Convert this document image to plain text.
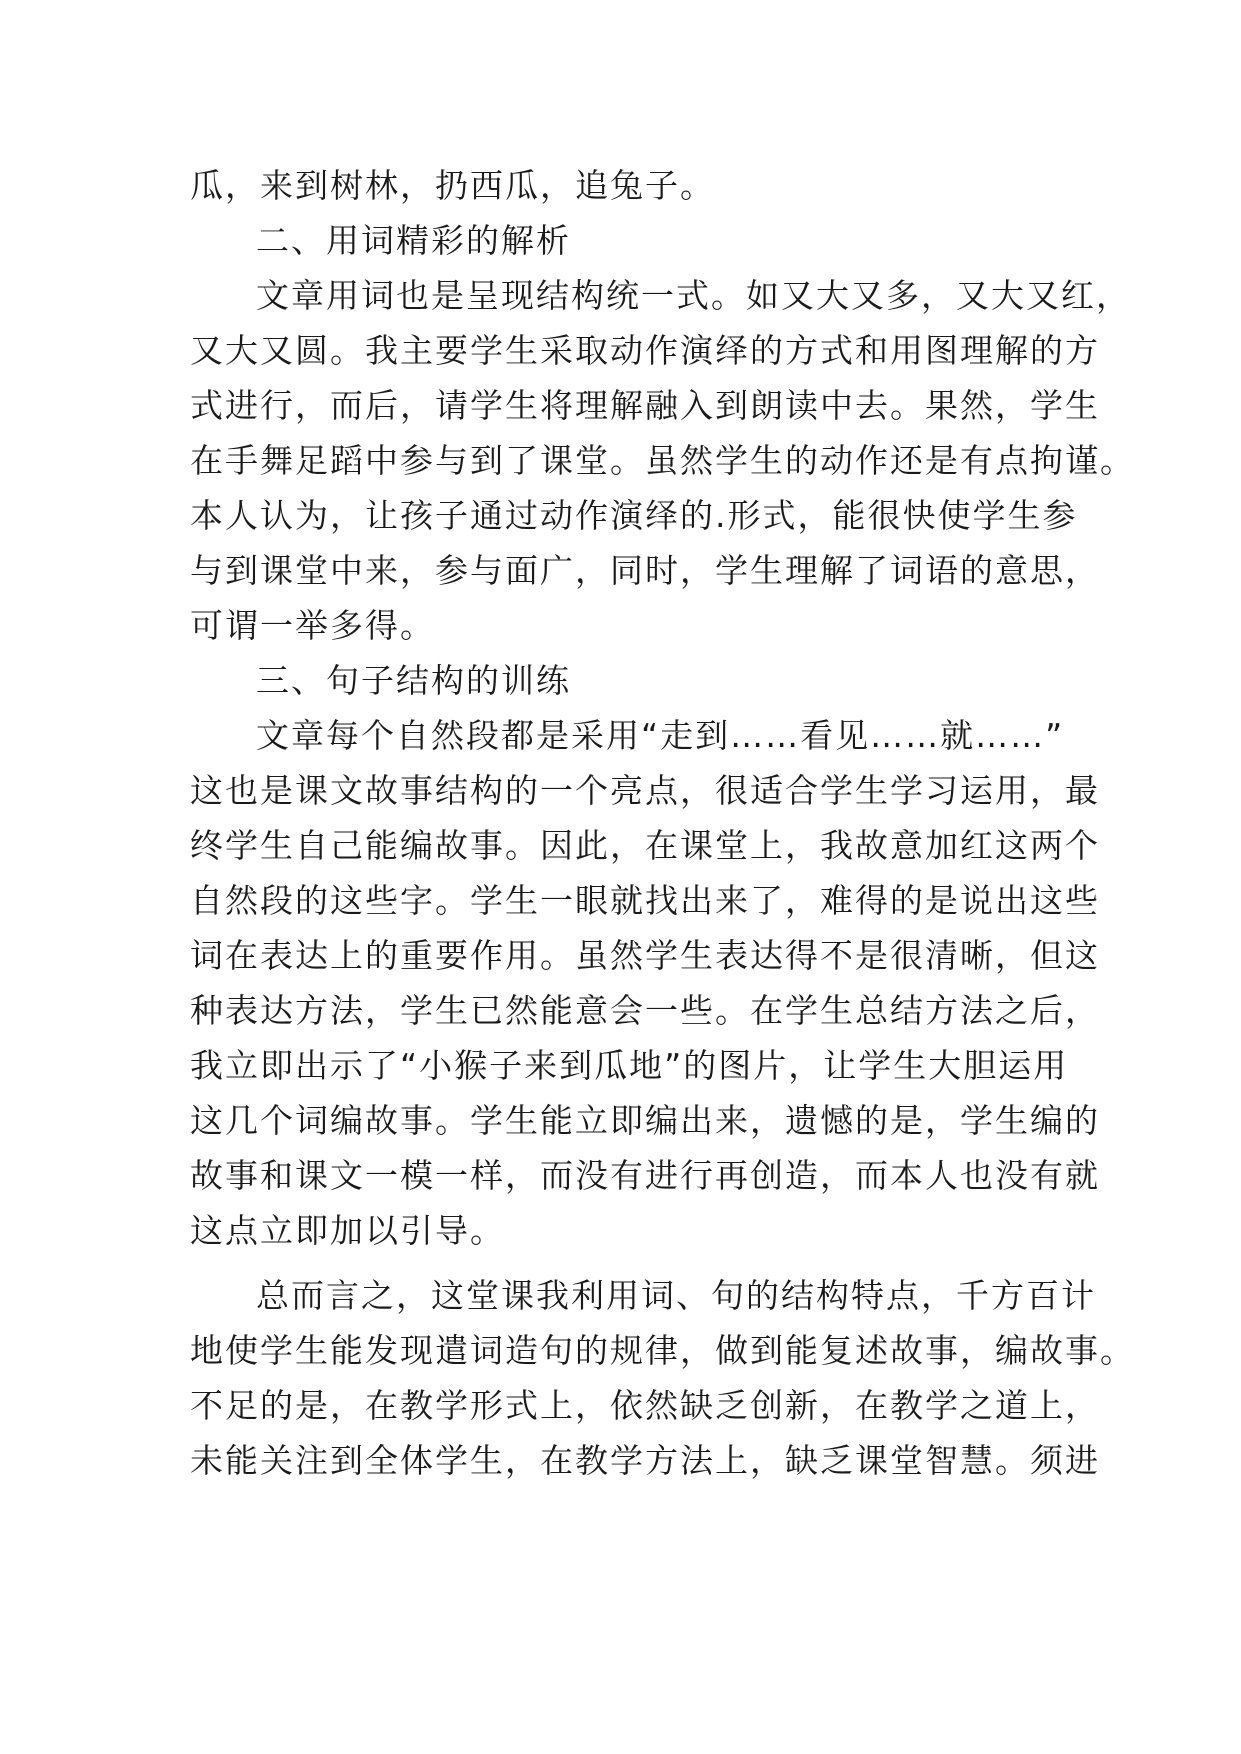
瓜，来到树林，扔西瓜，追兔子。
二、用词精彩的解析
文章用词也是呈现结构统一式。如又大又多，又大又红，
又大又圆。我主要学生采取动作演绎的方式和用图理解的方
式进行，而后，请学生将理解融入到朗读中去。果然，学生
在手舞足蹈中参与到了课堂。虽然学生的动作还是有点拘谨。
本人认为，让孩子通过动作演绎的.形式，能很快使学生参
与到课堂中来，参与面广，同时，学生理解了词语的意思，
可谓一举多得。
三、句子结构的训练
文章每个自然段都是采用“走到……看见……就……”
这也是课文故事结构的一个亮点，很适合学生学习运用，最
终学生自己能编故事。因此，在课堂上，我故意加红这两个
自然段的这些字。学生一眼就找出来了，难得的是说出这些
词在表达上的重要作用。虽然学生表达得不是很清晰，但这
种表达方法，学生已然能意会一些。在学生总结方法之后，
我立即出示了“小猴子来到瓜地”的图片，让学生大胆运用
这几个词编故事。学生能立即编出来，遗憾的是，学生编的
故事和课文一模一样，而没有进行再创造，而本人也没有就
这点立即加以引导。
总而言之，这堂课我利用词、句的结构特点，千方百计
地使学生能发现遣词造句的规律，做到能复述故事，编故事。
不足的是，在教学形式上，依然缺乏创新，在教学之道上，
未能关注到全体学生，在教学方法上，缺乏课堂智慧。须进
